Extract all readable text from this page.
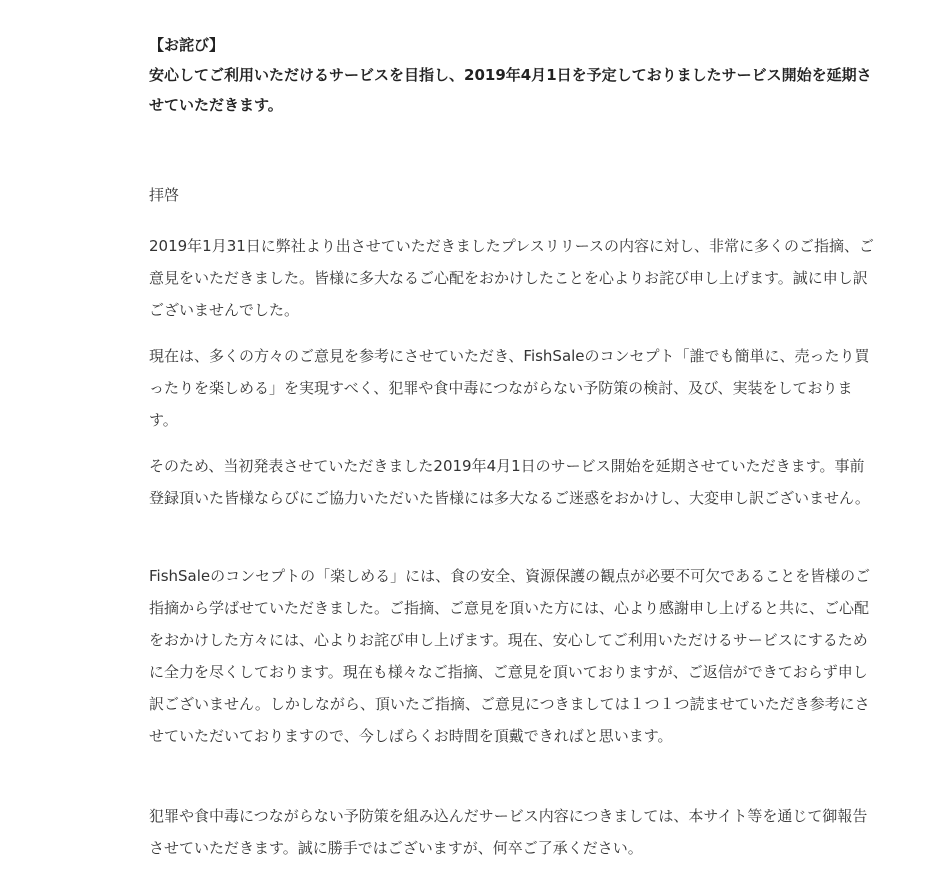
【お詫び】
安心してご利用いただけるサービスを目指し、2019年4月1日を予定しておりましたサービス開始を延期させていただきます。

拝啓

2019年1月31日に弊社より出させていただきましたプレスリリースの内容に対し、非常に多くのご指摘、ご意見をいただきました。皆様に多大なるご心配をおかけしたことを心よりお詫び申し上げます。誠に申し訳ございませんでした。

現在は、多くの方々のご意見を参考にさせていただき、FishSaleのコンセプト「誰でも簡単に、売ったり買ったりを楽しめる」を実現すべく、犯罪や食中毒につながらない予防策の検討、及び、実装をしております。

そのため、当初発表させていただきました2019年4月1日のサービス開始を延期させていただきます。事前登録頂いた皆様ならびにご協力いただいた皆様には多大なるご迷惑をおかけし、大変申し訳ございません。

FishSaleのコンセプトの「楽しめる」には、食の安全、資源保護の観点が必要不可欠であることを皆様のご指摘から学ばせていただきました。ご指摘、ご意見を頂いた方には、心より感謝申し上げると共に、ご心配をおかけした方々には、心よりお詫び申し上げます。現在、安心してご利用いただけるサービスにするために全力を尽くしております。現在も様々なご指摘、ご意見を頂いておりますが、ご返信ができておらず申し訳ございません。しかしながら、頂いたご指摘、ご意見につきましては１つ１つ読ませていただき参考にさせていただいておりますので、今しばらくお時間を頂戴できればと思います。

犯罪や食中毒につながらない予防策を組み込んだサービス内容につきましては、本サイト等を通じて御報告させていただきます。誠に勝手ではございますが、何卒ご了承ください。
